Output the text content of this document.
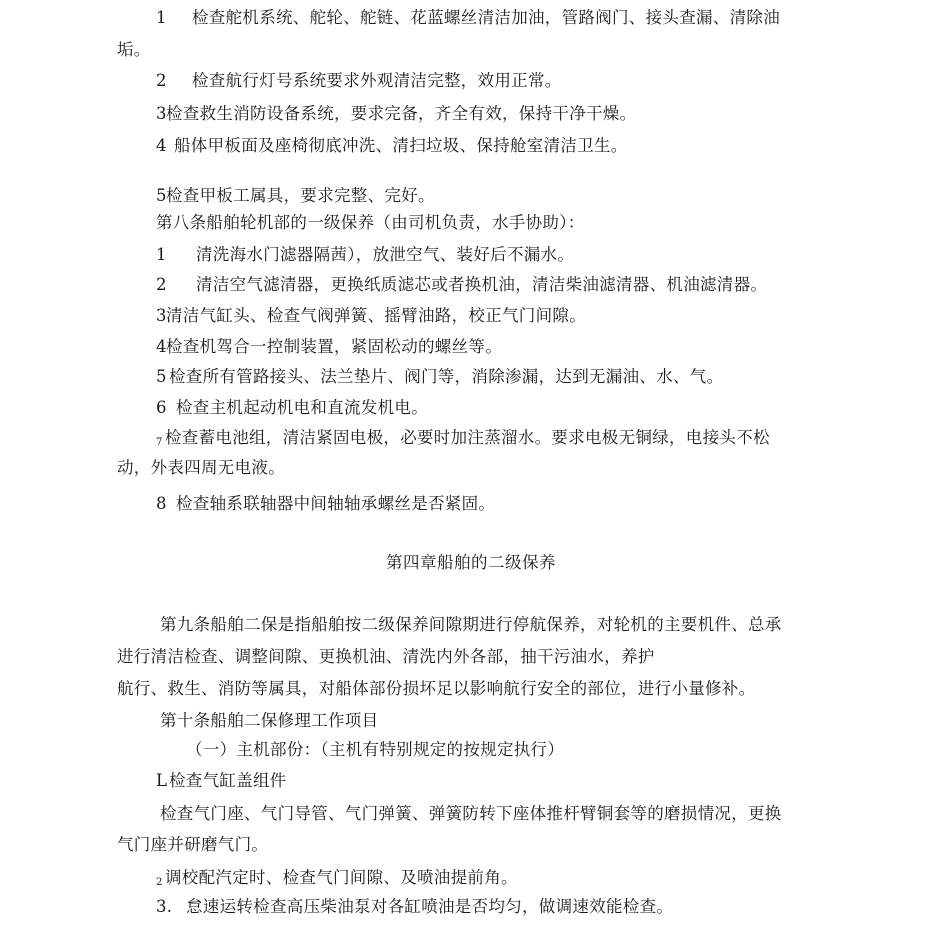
1 检查舵机系统、舵轮、舵链、花蓝螺丝清洁加油，管路阀门、接头查漏、清除油
垢。
2 检查航行灯号系统要求外观清洁完整，效用正常。
3检查救生消防设备系统，要求完备，齐全有效，保持干净干燥。
4 船体甲板面及座椅彻底冲洗、清扫垃圾、保持舱室清洁卫生。
5检查甲板工属具，要求完整、完好。
第八条船舶轮机部的一级保养（由司机负责，水手协助）：
1 清洗海水门滤器隔茜），放泄空气、装好后不漏水。
2 清洁空气滤清器，更换纸质滤芯或者换机油，清洁柴油滤清器、机油滤清器。
3清洁气缸头、检查气阀弹簧、摇臂油路，校正气门间隙。
4检查机驾合一控制装置，紧固松动的螺丝等。
5 检查所有管路接头、法兰垫片、阀门等，消除渗漏，达到无漏油、水、气。
6 检查主机起动机电和直流发机电。
7 检查蓄电池组，清洁紧固电极，必要时加注蒸溜水。要求电极无铜绿，电接头不松
动，外表四周无电液。
8 检查轴系联轴器中间轴轴承螺丝是否紧固。
第四章船舶的二级保养
第九条船舶二保是指船舶按二级保养间隙期进行停航保养，对轮机的主要机件、总承
进行清洁检查、调整间隙、更换机油、清洗内外各部，抽干污油水，养护
航行、救生、消防等属具，对船体部份损坏足以影响航行安全的部位，进行小量修补。
第十条船舶二保修理工作项目
（一）主机部份：（主机有特别规定的按规定执行）
L 检查气缸盖组件
检查气门座、气门导管、气门弹簧、弹簧防转下座体推杆臂铜套等的磨损情况，更换
气门座并研磨气门。
2 调校配汽定时、检查气门间隙、及喷油提前角。
3. 怠速运转检查高压柴油泵对各缸喷油是否均匀，做调速效能检查。
